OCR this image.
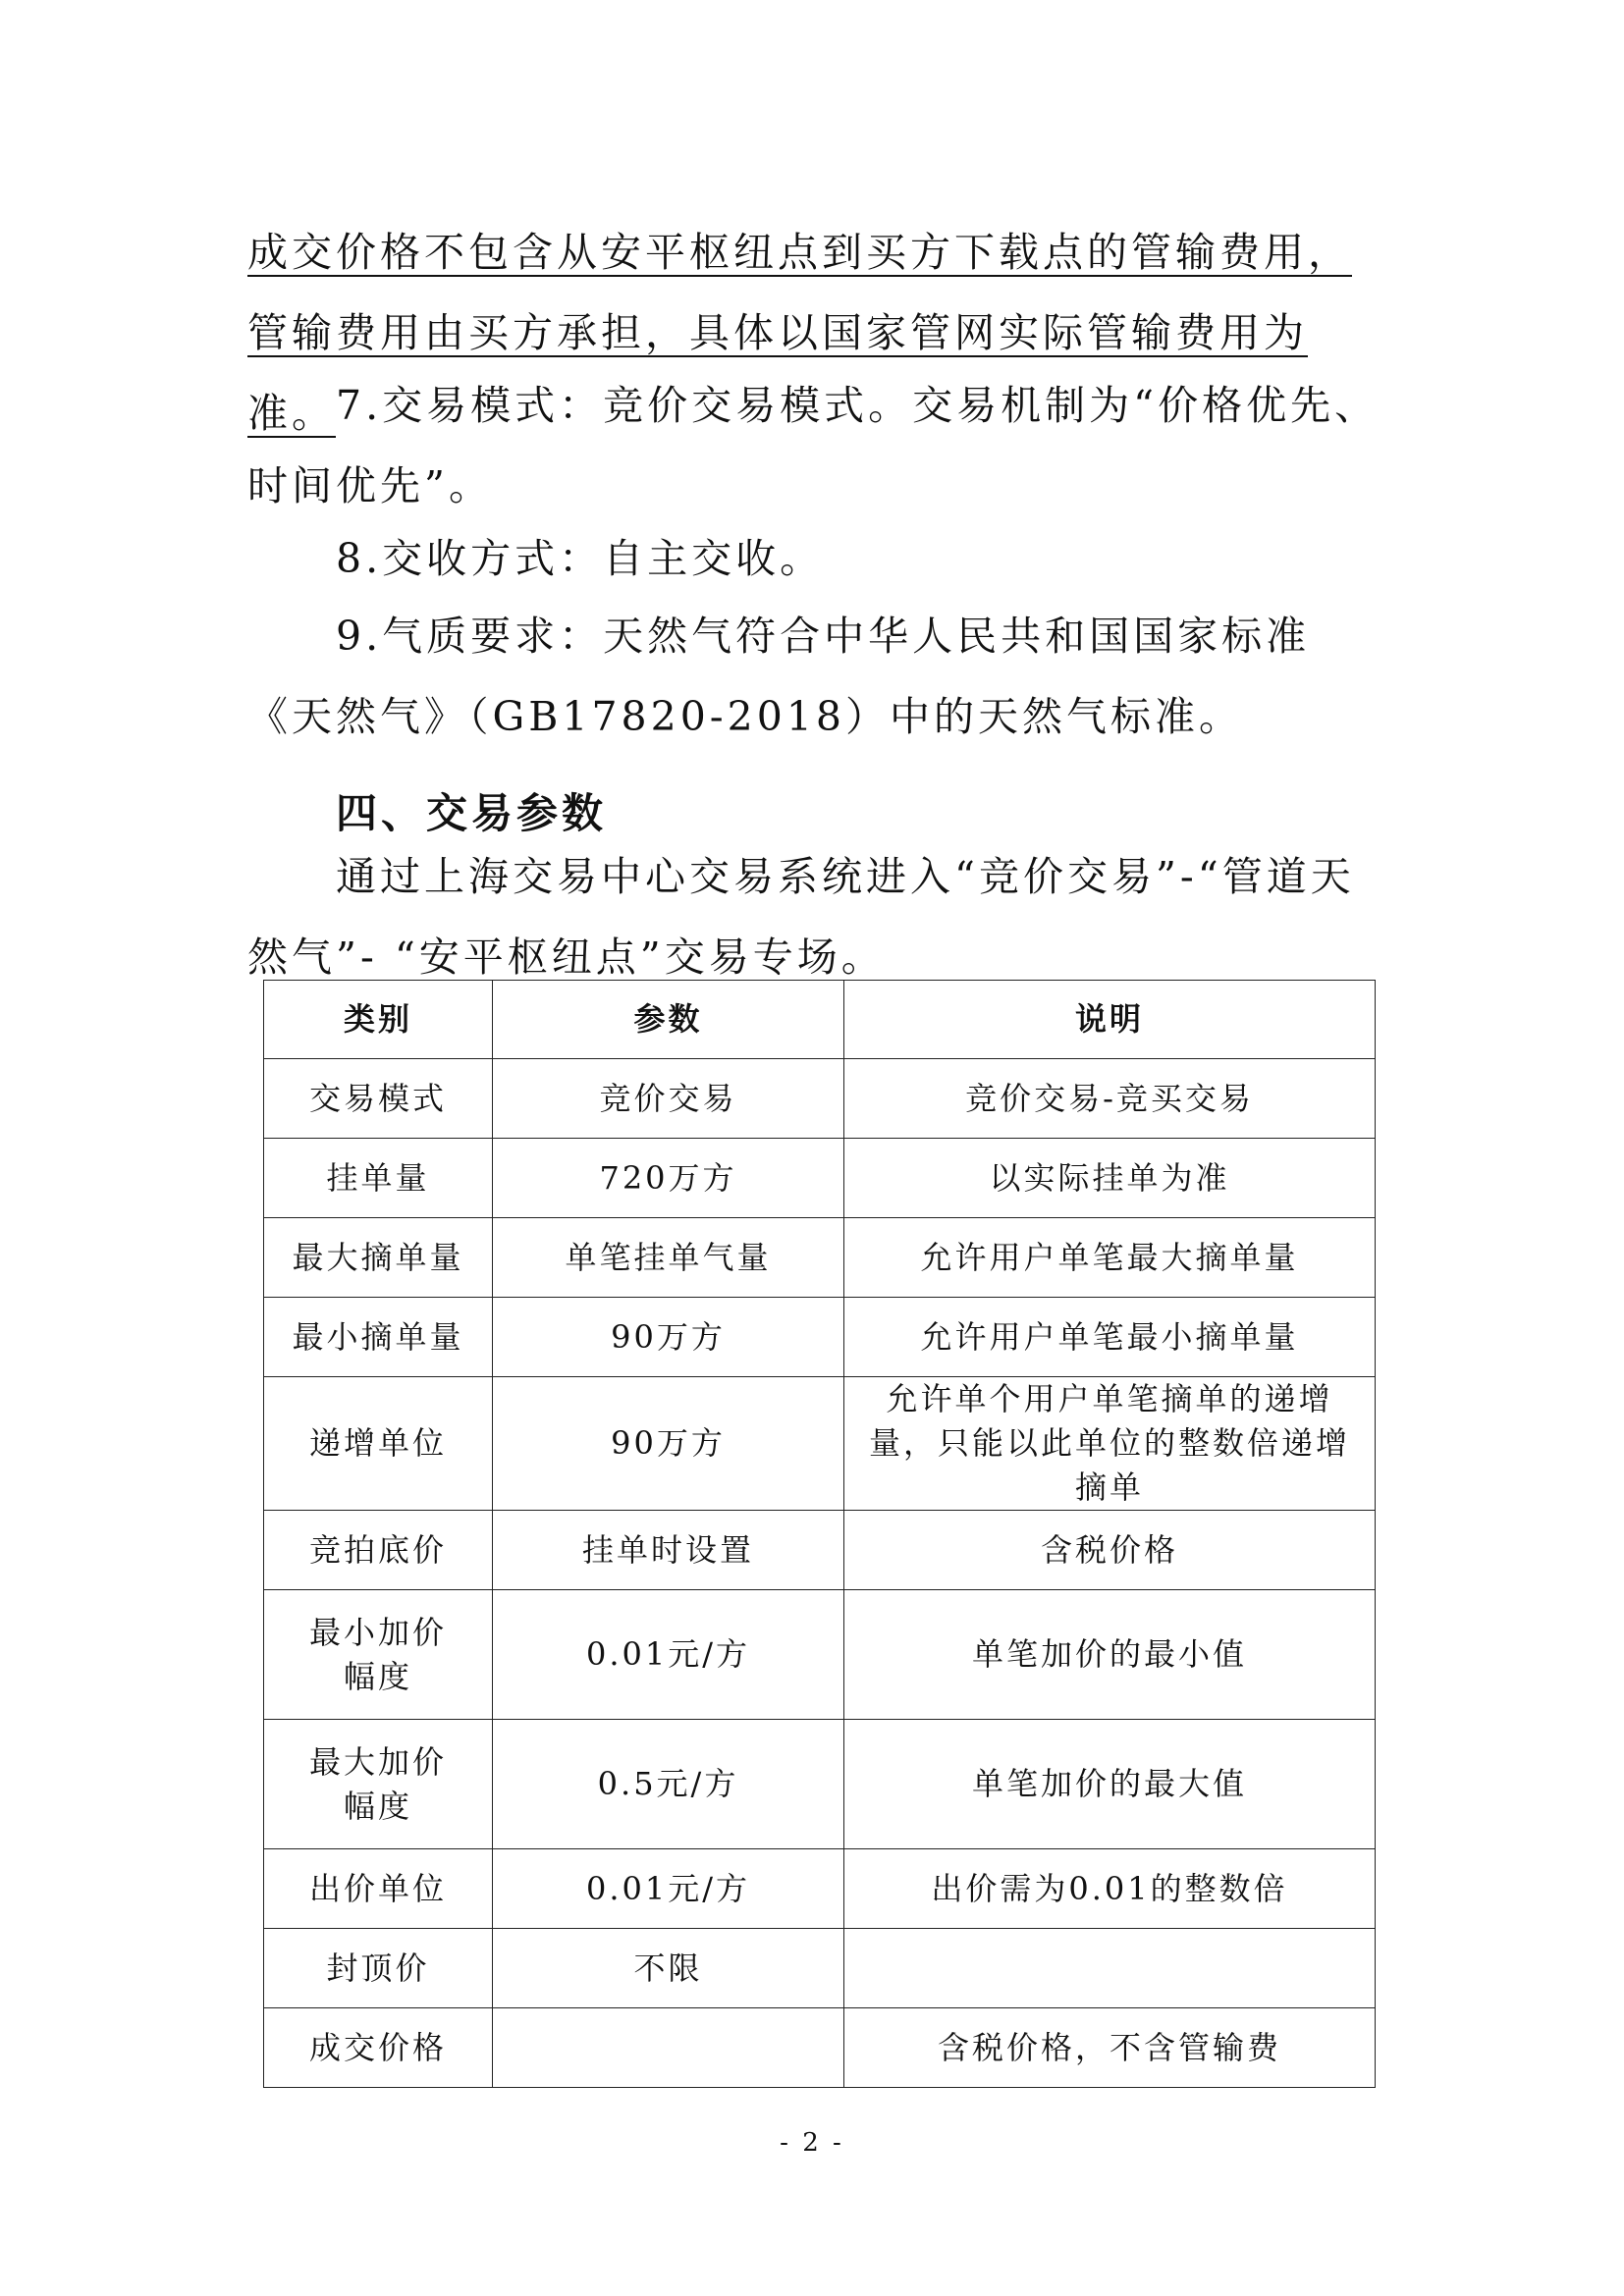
成交价格不包含从安平枢纽点到买方下载点的管输费用，管输费用由买方承担，具体以国家管网实际管输费用为准。 7.交易模式：竞价交易模式。交易机制为“价格优先、时间优先”。

8.交收方式：自主交收。

9.气质要求：天然气符合中华人民共和国国家标准《天然气》（GB17820-2018）中的天然气标准。

四、交易参数

通过上海交易中心交易系统进入“竞价交易”-“管道天然气”- “安平枢纽点”交易专场。

类别	参数	说明
交易模式	竞价交易	竞价交易-竞买交易
挂单量	720万方	以实际挂单为准
最大摘单量	单笔挂单气量	允许用户单笔最大摘单量
最小摘单量	90万方	允许用户单笔最小摘单量
递增单位	90万方	允许单个用户单笔摘单的递增量，只能以此单位的整数倍递增摘单
竞拍底价	挂单时设置	含税价格
最小加价幅度	0.01元/方	单笔加价的最小值
最大加价幅度	0.5元/方	单笔加价的最大值
出价单位	0.01元/方	出价需为0.01的整数倍
封顶价	不限	
成交价格		含税价格，不含管输费
- 2 -
